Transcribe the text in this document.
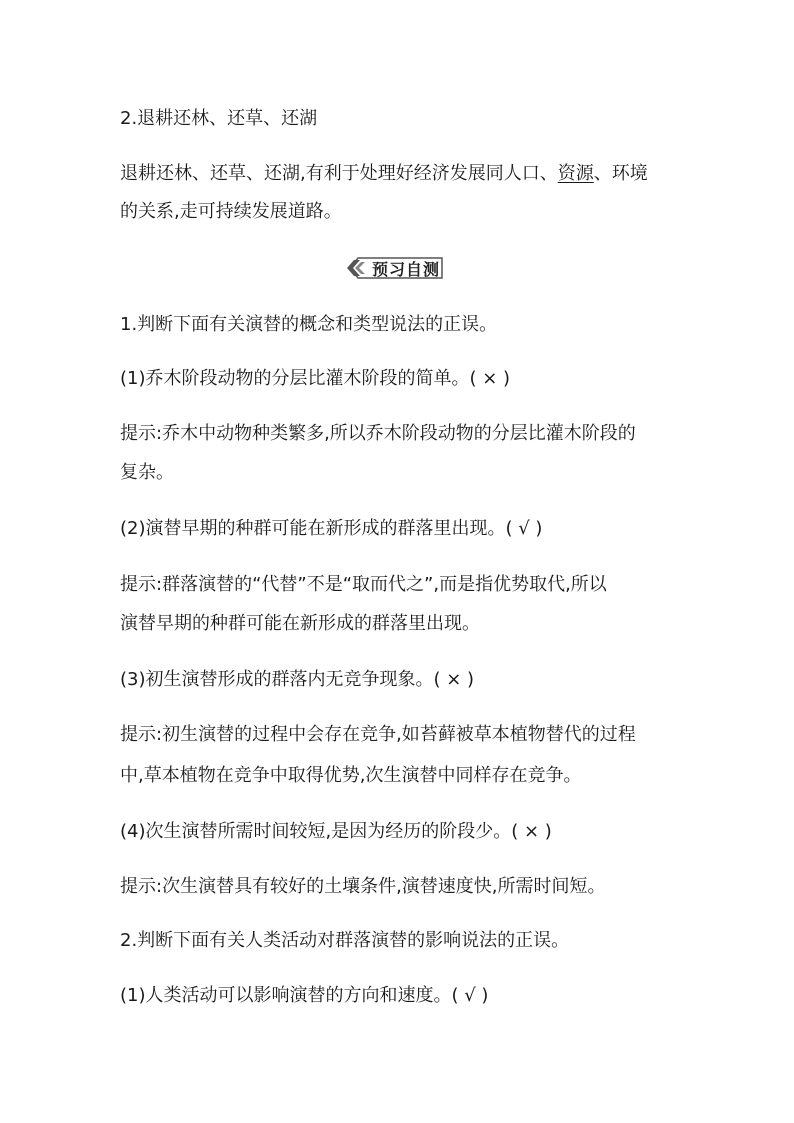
2.退耕还林、还草、还湖
退耕还林、还草、还湖,有利于处理好经济发展同人口、资源、环境
的关系,走可持续发展道路。
预习自测
1.判断下面有关演替的概念和类型说法的正误。
(1)乔木阶段动物的分层比灌木阶段的简单。( × )
提示:乔木中动物种类繁多,所以乔木阶段动物的分层比灌木阶段的
复杂。
(2)演替早期的种群可能在新形成的群落里出现。( √ )
提示:群落演替的“代替”不是“取而代之”,而是指优势取代,所以
演替早期的种群可能在新形成的群落里出现。
(3)初生演替形成的群落内无竞争现象。( × )
提示:初生演替的过程中会存在竞争,如苔藓被草本植物替代的过程
中,草本植物在竞争中取得优势,次生演替中同样存在竞争。
(4)次生演替所需时间较短,是因为经历的阶段少。( × )
提示:次生演替具有较好的土壤条件,演替速度快,所需时间短。
2.判断下面有关人类活动对群落演替的影响说法的正误。
(1)人类活动可以影响演替的方向和速度。( √ )
